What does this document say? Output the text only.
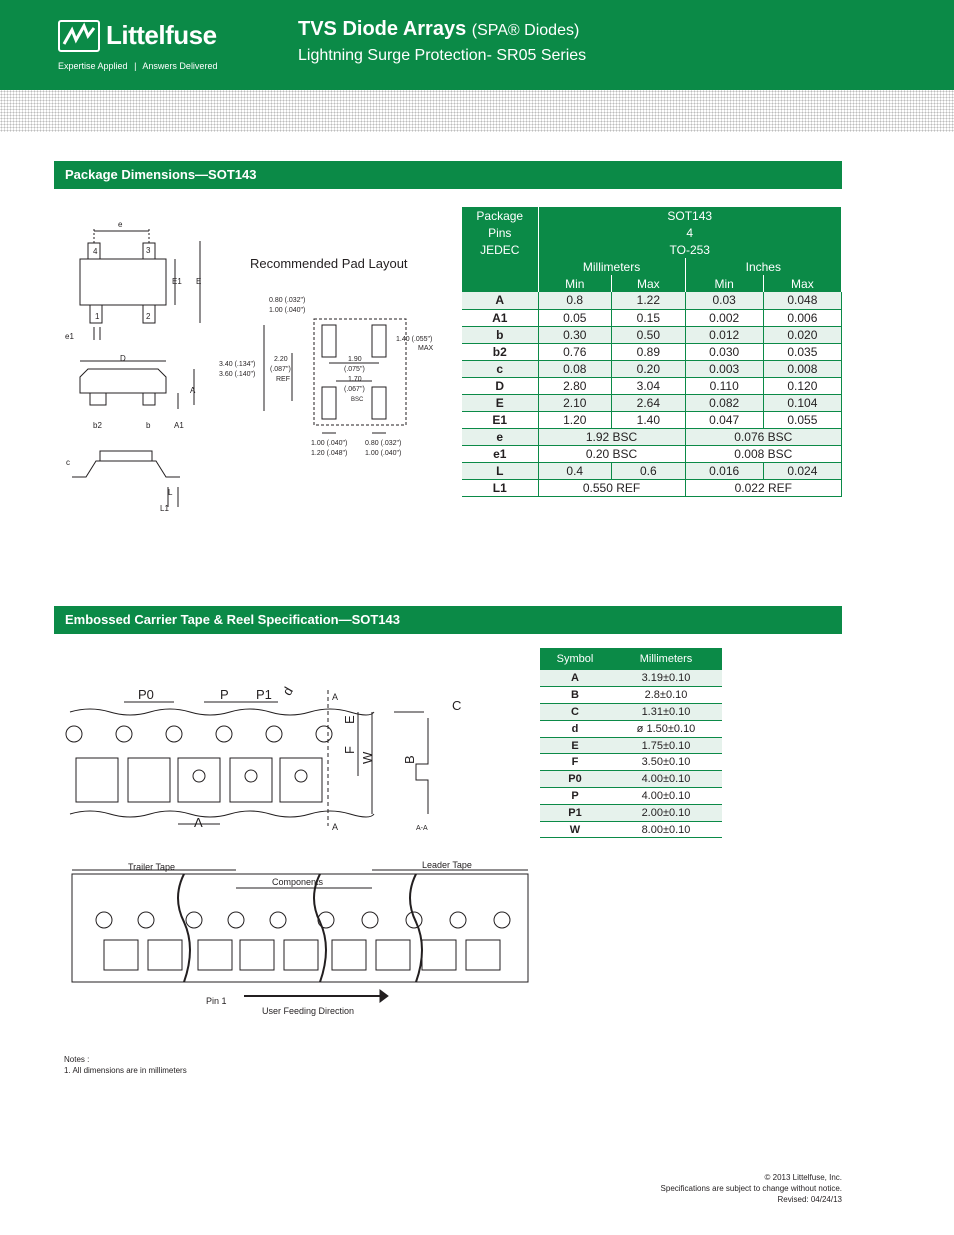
Littelfuse
Expertise Applied | Answers Delivered
TVS Diode Arrays (SPA® Diodes)
Lightning Surge Protection- SR05 Series
Package Dimensions—SOT143
e
4	3
E1 E
1	2
e1
D
A
b2	b	A1
c
L
L1
Recommended Pad Layout
0.80 (.032")
1.00 (.040")
1.40 (.055")
MAX
3.40 (.134")
3.60 (.140")
2.20
(.087")
REF
1.90
(.075")
1.70
(.067")
BSC
1.00 (.040")
1.20 (.048")
0.80 (.032")
1.00 (.040")
Package	SOT143			
Pins	4			
JEDEC	TO-253			
	Millimeters		Inches	
	Min	Max	Min	Max
A	0.8	1.22	0.03	0.048
A1	0.05	0.15	0.002	0.006
b	0.30	0.50	0.012	0.020
b2	0.76	0.89	0.030	0.035
c	0.08	0.20	0.003	0.008
D	2.80	3.04	0.110	0.120
E	2.10	2.64	0.082	0.104
E1	1.20	1.40	0.047	0.055
e	1.92 BSC		0.076 BSC	
e1	0.20 BSC		0.008 BSC	
L	0.4	0.6	0.016	0.024
L1	0.550 REF		0.022 REF	
Embossed Carrier Tape & Reel Specification—SOT143
P0	P P1 d
E
F
W
C
B
A
A
A	A-A
Trailer Tape
Components
Leader Tape
Pin 1
User Feeding Direction
Symbol	Millimeters
A	3.19±0.10
B	2.8±0.10
C	1.31±0.10
d	ø 1.50±0.10
E	1.75±0.10
F	3.50±0.10
P0	4.00±0.10
P	4.00±0.10
P1	2.00±0.10
W	8.00±0.10
Notes :
1. All dimensions are in millimeters
© 2013 Littelfuse, Inc.
Specifications are subject to change without notice.
Revised: 04/24/13
